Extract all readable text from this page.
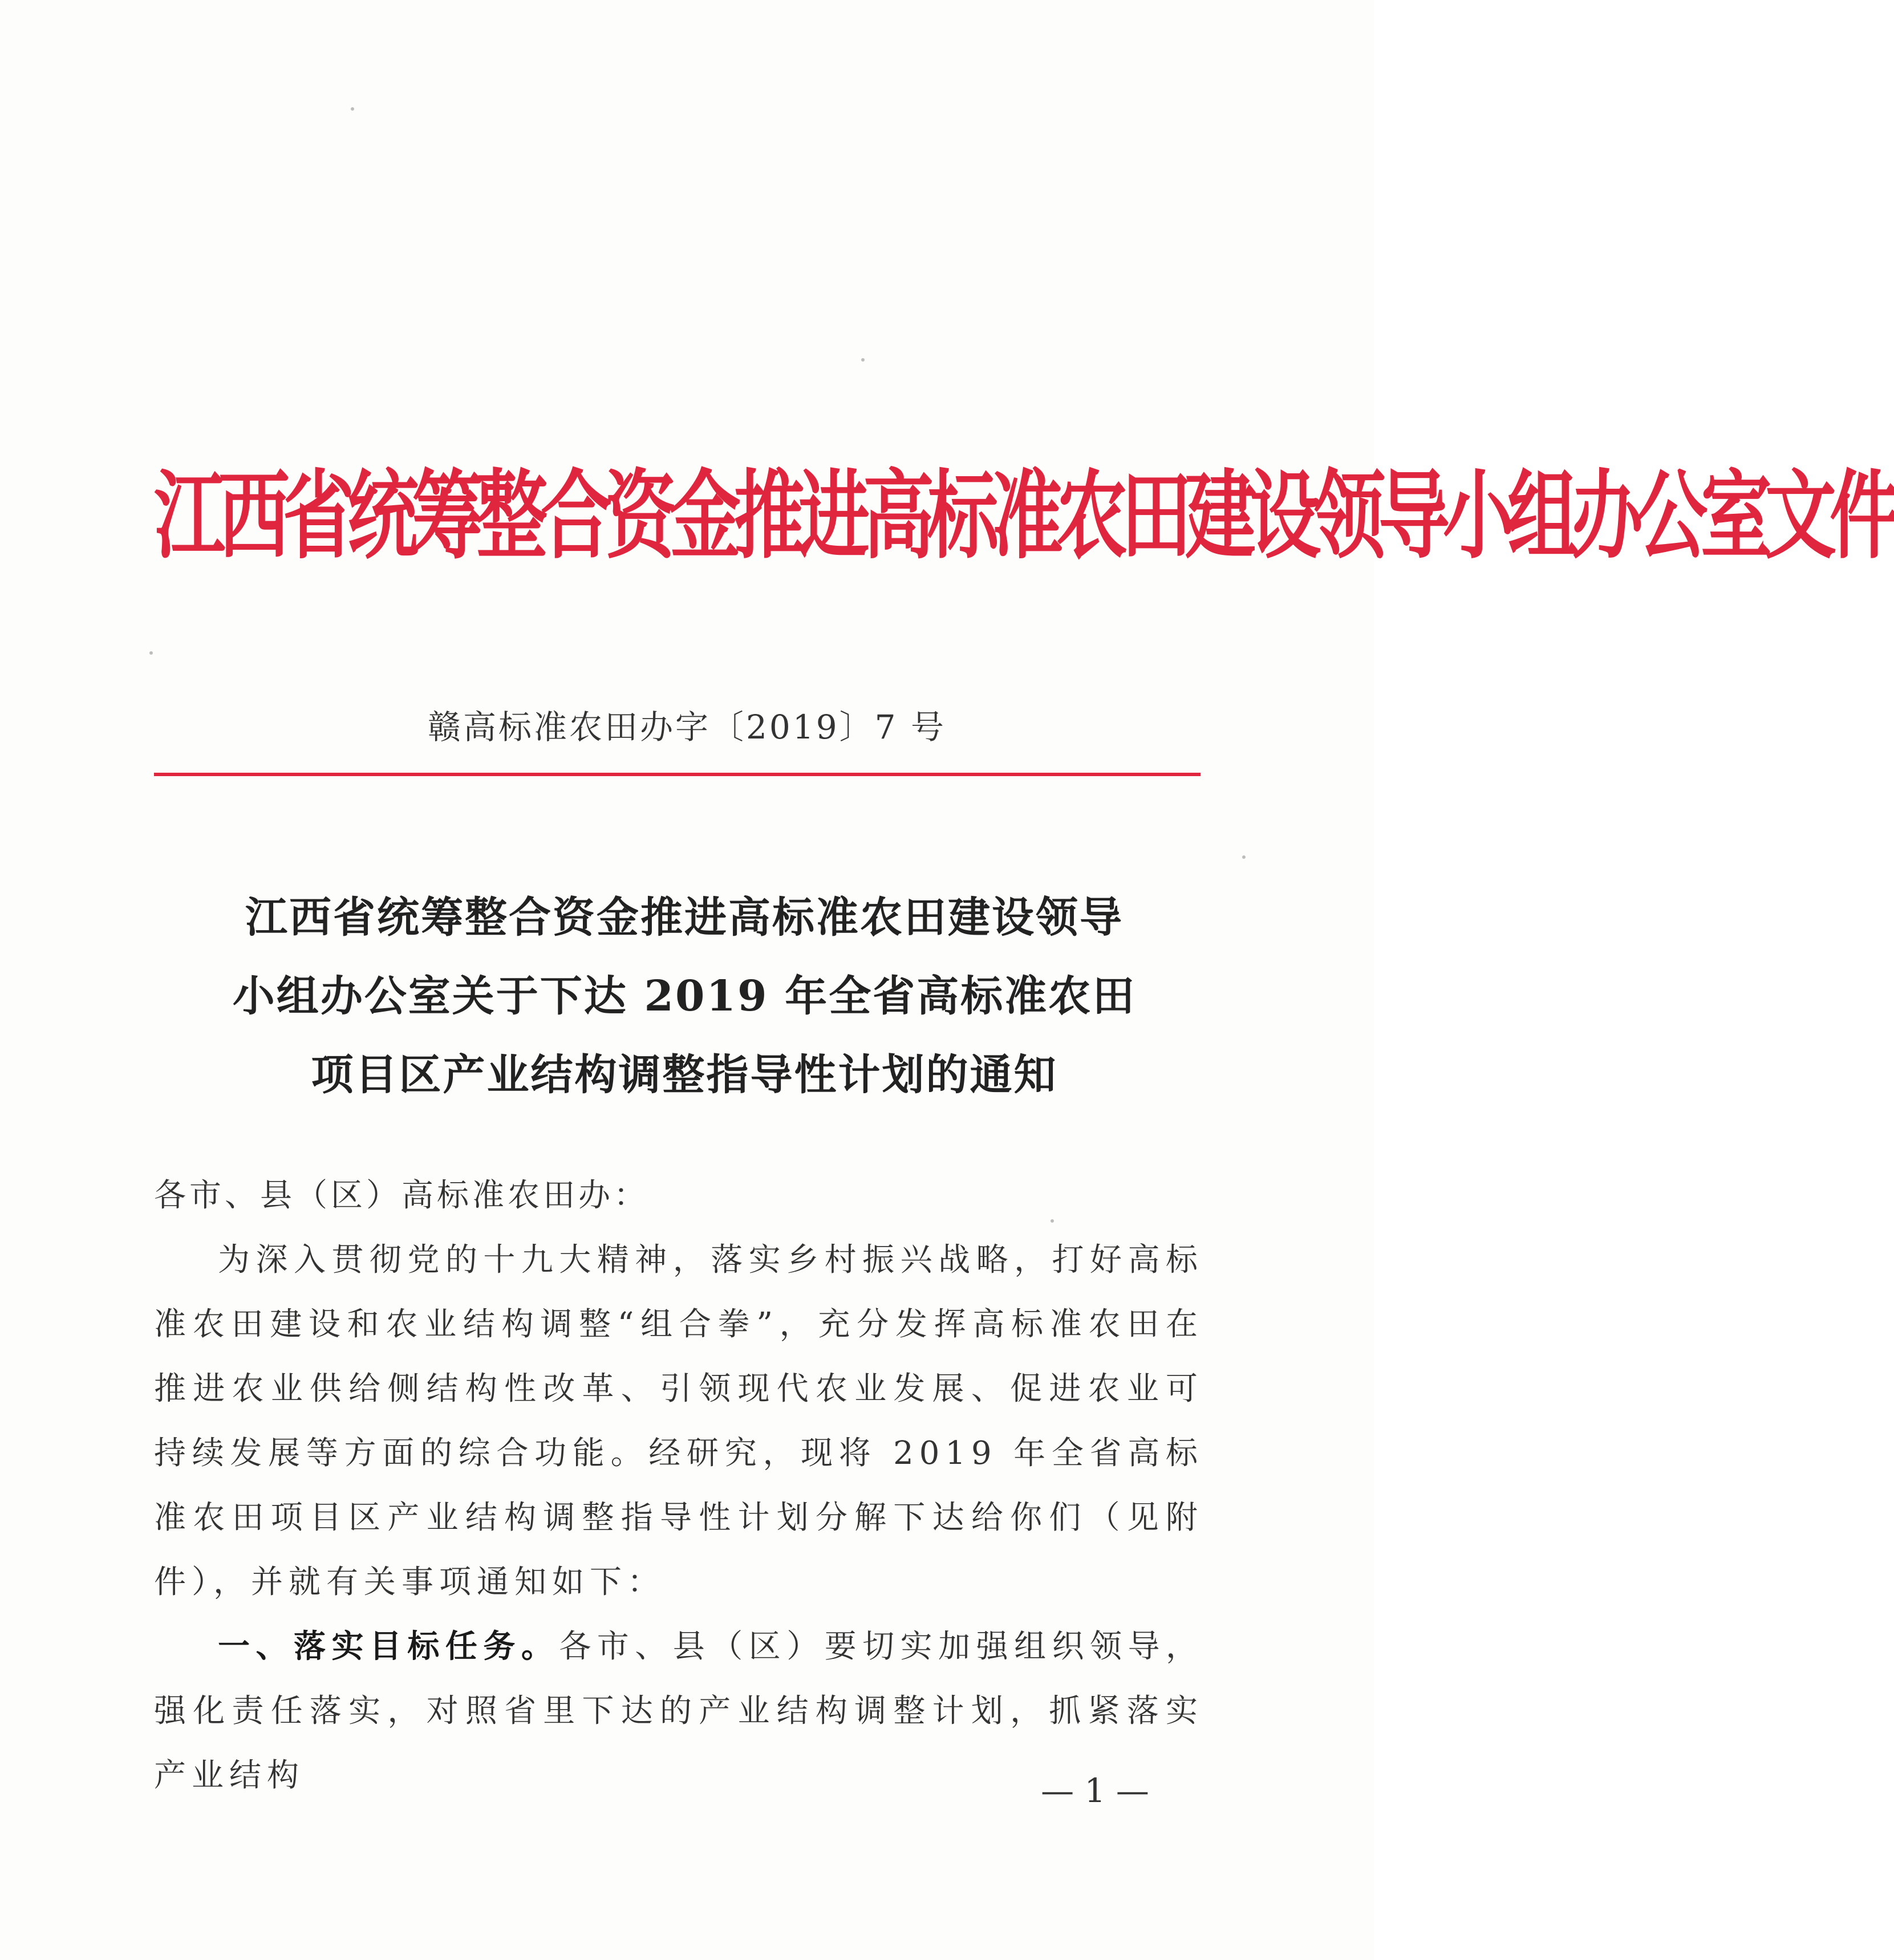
江西省统筹整合资金推进高标准农田建设领导小组办公室文件
赣高标准农田办字〔2019〕7 号
江西省统筹整合资金推进高标准农田建设领导
小组办公室关于下达 2019 年全省高标准农田
项目区产业结构调整指导性计划的通知
各市、县（区）高标准农田办：

为深入贯彻党的十九大精神，落实乡村振兴战略，打好高标准农田建设和农业结构调整“组合拳”，充分发挥高标准农田在推进农业供给侧结构性改革、引领现代农业发展、促进农业可持续发展等方面的综合功能。经研究，现将 2019 年全省高标准农田项目区产业结构调整指导性计划分解下达给你们（见附件），并就有关事项通知如下：

一、落实目标任务。各市、县（区）要切实加强组织领导，强化责任落实，对照省里下达的产业结构调整计划，抓紧落实产业结构	— 1 —
